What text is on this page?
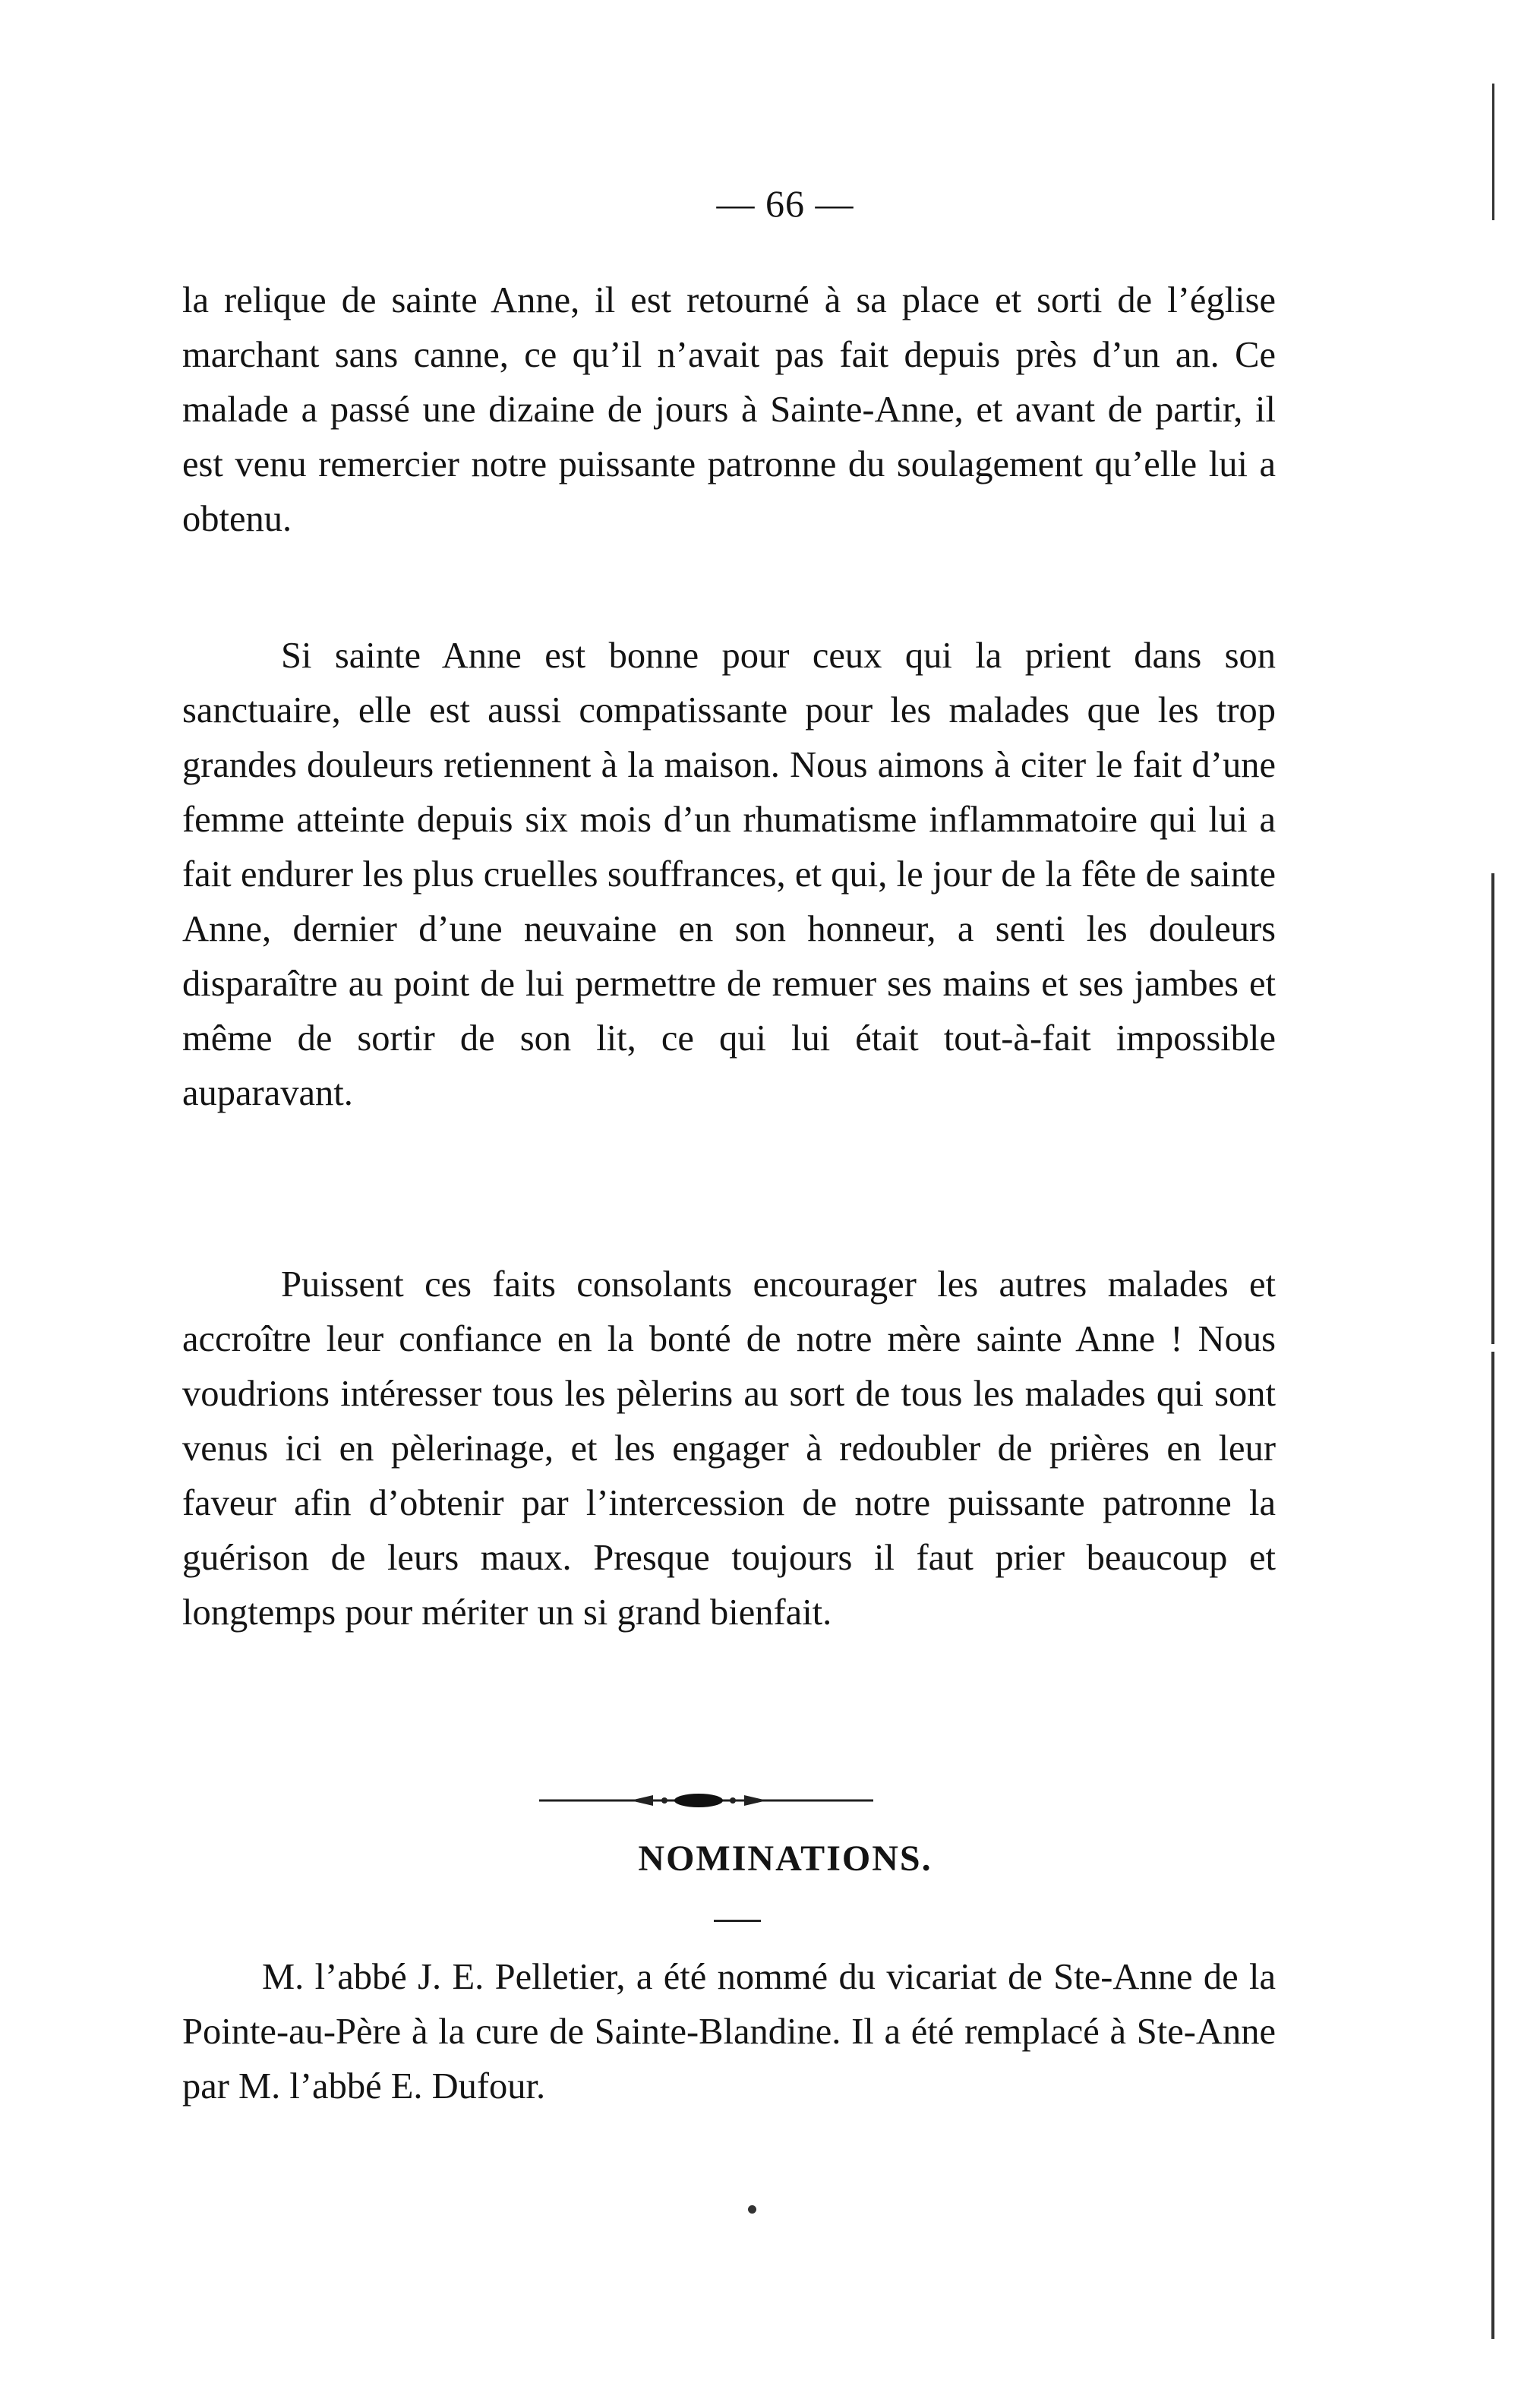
— 66 —

la relique de sainte Anne, il est retourné à sa place et sorti de l’église marchant sans canne, ce qu’il n’avait pas fait depuis près d’un an. Ce malade a passé une dizaine de jours à Sainte-Anne, et avant de partir, il est venu remercier notre puissante patronne du soulagement qu’elle lui a obtenu.

Si sainte Anne est bonne pour ceux qui la prient dans son sanctuaire, elle est aussi compatissante pour les malades que les trop grandes douleurs retiennent à la maison. Nous aimons à citer le fait d’une femme atteinte depuis six mois d’un rhumatisme inflammatoire qui lui a fait endurer les plus cruelles souffrances, et qui, le jour de la fête de sainte Anne, dernier d’une neuvaine en son honneur, a senti les douleurs disparaître au point de lui permettre de remuer ses mains et ses jambes et même de sortir de son lit, ce qui lui était tout-à-fait impossible auparavant.

Puissent ces faits consolants encourager les autres malades et accroître leur confiance en la bonté de notre mère sainte Anne ! Nous voudrions intéresser tous les pèlerins au sort de tous les malades qui sont venus ici en pèlerinage, et les engager à redoubler de prières en leur faveur afin d’obtenir par l’intercession de notre puissante patronne la guérison de leurs maux. Presque toujours il faut prier beaucoup et longtemps pour mériter un si grand bienfait.

NOMINATIONS.

M. l’abbé J. E. Pelletier, a été nommé du vicariat de Ste-Anne de la Pointe-au-Père à la cure de Sainte-Blandine. Il a été remplacé à Ste-Anne par M. l’abbé E. Dufour.
